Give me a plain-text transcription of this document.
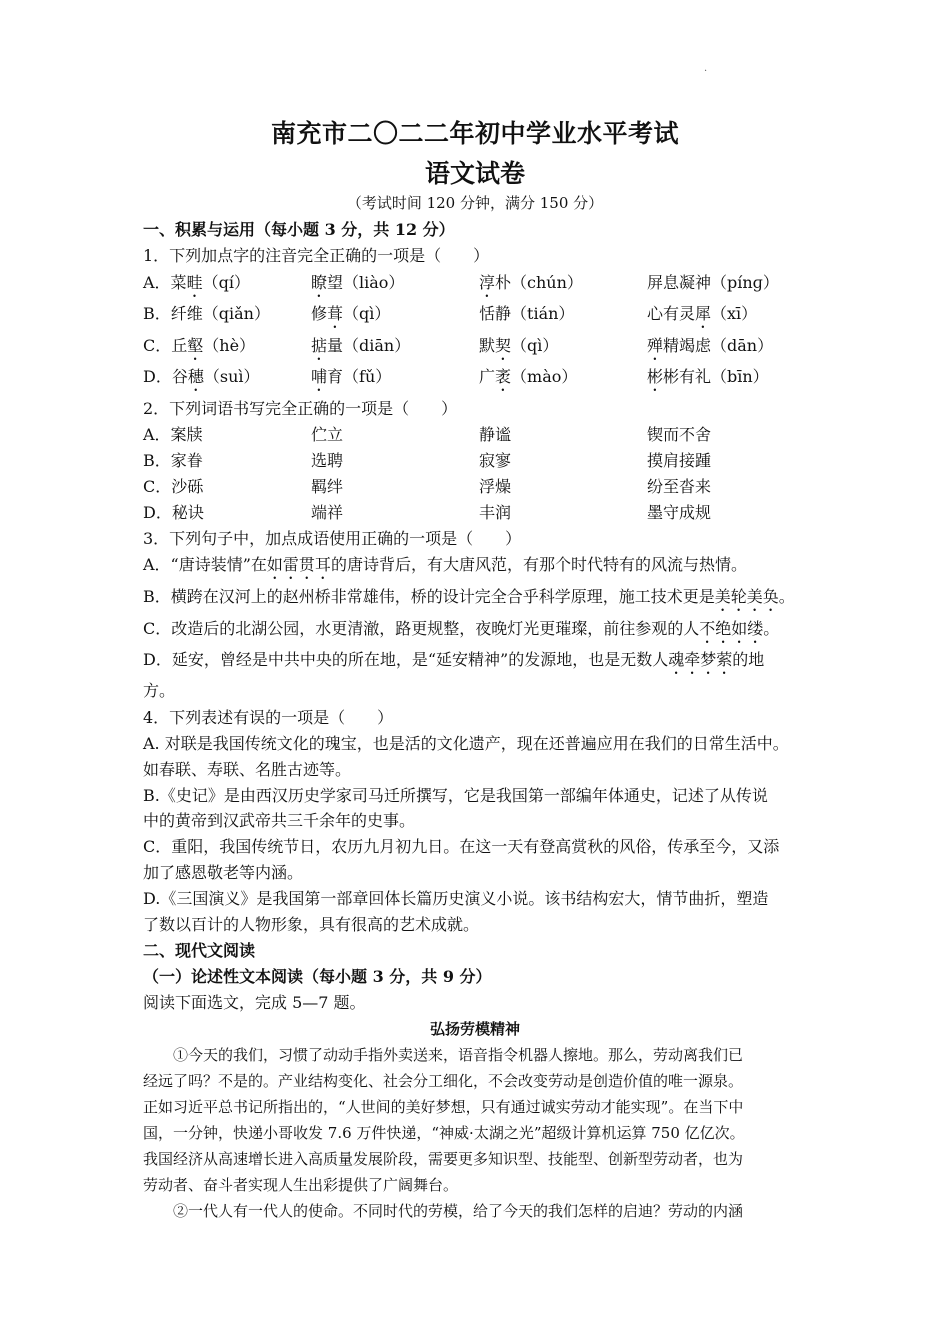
·
南充市二〇二二年初中学业水平考试
语文试卷
（考试时间 120 分钟，满分 150 分）
一、积累与运用（每小题 3 分，共 12 分）
1．下列加点字的注音完全正确的一项是（　　）
A．菜畦（qí）	瞭望（liào）	淳朴（chún）	屏息凝神（pínɡ）
B．纤维（qiǎn）	修葺（qì）	恬静（tián）	心有灵犀（xī）
C．丘壑（hè）	掂量（diān）	默契（qì）	殚精竭虑（dān）
D．谷穗（suì）	哺育（fǔ）	广袤（mào）	彬彬有礼（bīn）
2．下列词语书写完全正确的一项是（　　）
A．案牍	伫立	静谧	锲而不舍
B．家眷	选聘	寂寥	摸肩接踵
C．沙砾	羁绊	浮燥	纷至沓来
D．秘诀	端祥	丰润	墨守成规
3．下列句子中，加点成语使用正确的一项是（　　）
A．“唐诗装情”在如雷贯耳的唐诗背后，有大唐风范，有那个时代特有的风流与热情。
B．横跨在汉河上的赵州桥非常雄伟，桥的设计完全合乎科学原理，施工技术更是美轮美奂。
C．改造后的北湖公园，水更清澈，路更规整，夜晚灯光更璀璨，前往参观的人不绝如缕。
D．延安，曾经是中共中央的所在地，是“延安精神”的发源地，也是无数人魂牵梦萦的地
方。
4．下列表述有误的一项是（　　）
A. 对联是我国传统文化的瑰宝，也是活的文化遗产，现在还普遍应用在我们的日常生活中。
如春联、寿联、名胜古迹等。
B.《史记》是由西汉历史学家司马迁所撰写，它是我国第一部编年体通史，记述了从传说
中的黄帝到汉武帝共三千余年的史事。
C．重阳，我国传统节日，农历九月初九日。在这一天有登高赏秋的风俗，传承至今，又添
加了感恩敬老等内涵。
D.《三国演义》是我国第一部章回体长篇历史演义小说。该书结构宏大，情节曲折，塑造
了数以百计的人物形象，具有很高的艺术成就。
二、现代文阅读
（一）论述性文本阅读（每小题 3 分，共 9 分）
阅读下面选文，完成 5—7 题。
弘扬劳模精神
　　①今天的我们，习惯了动动手指外卖送来，语音指令机器人擦地。那么，劳动离我们已
经远了吗？不是的。产业结构变化、社会分工细化，不会改变劳动是创造价值的唯一源泉。
正如习近平总书记所指出的，“人世间的美好梦想，只有通过诚实劳动才能实现”。在当下中
国，一分钟，快递小哥收发 7.6 万件快递，“神威·太湖之光”超级计算机运算 750 亿亿次。
我国经济从高速增长进入高质量发展阶段，需要更多知识型、技能型、创新型劳动者，也为
劳动者、奋斗者实现人生出彩提供了广阔舞台。
　　②一代人有一代人的使命。不同时代的劳模，给了今天的我们怎样的启迪？劳动的内涵
